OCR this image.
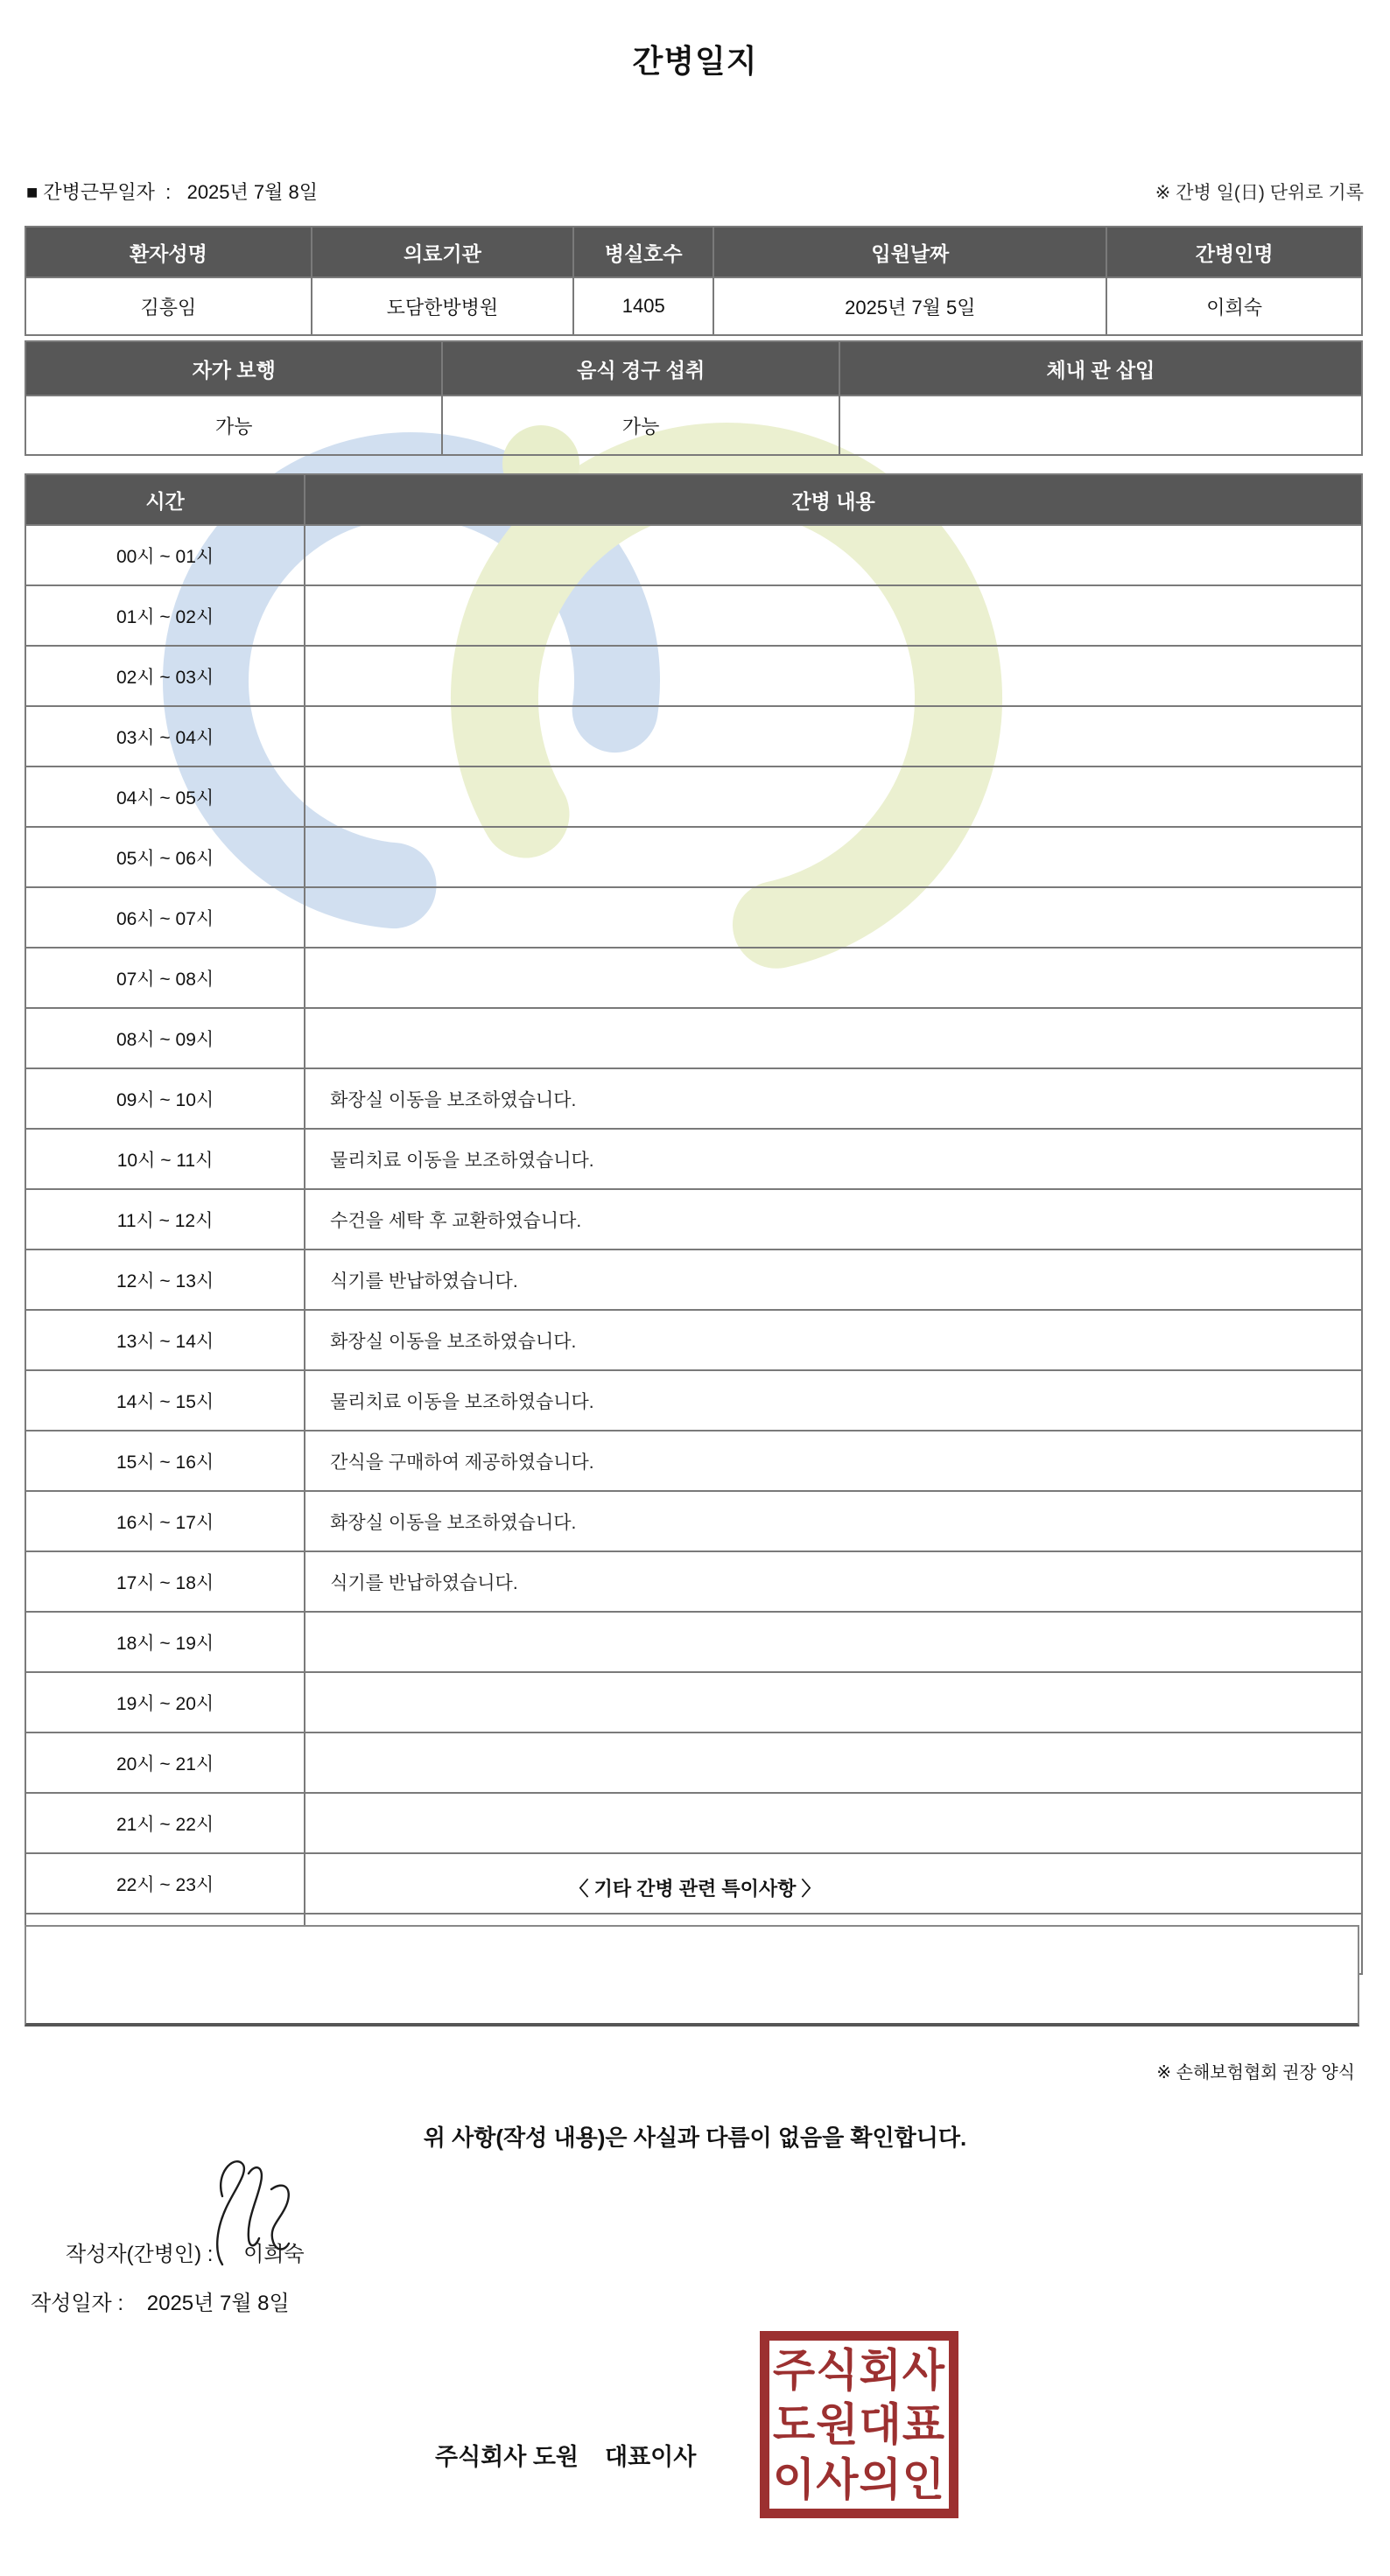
간병일지
■ 간병근무일자  :   2025년 7월 8일	※ 간병 일(日) 단위로 기록
환자성명	의료기관	병실호수	입원날짜	간병인명
김흥임	도담한방병원	1405	2025년 7월 5일	이희숙
자가 보행	음식 경구 섭취	체내 관 삽입
가능	가능	
시간	간병 내용
00시 ~ 01시	
01시 ~ 02시	
02시 ~ 03시	
03시 ~ 04시	
04시 ~ 05시	
05시 ~ 06시	
06시 ~ 07시	
07시 ~ 08시	
08시 ~ 09시	
09시 ~ 10시	화장실 이동을 보조하였습니다.
10시 ~ 11시	물리치료 이동을 보조하였습니다.
11시 ~ 12시	수건을 세탁 후 교환하였습니다.
12시 ~ 13시	식기를 반납하였습니다.
13시 ~ 14시	화장실 이동을 보조하였습니다.
14시 ~ 15시	물리치료 이동을 보조하였습니다.
15시 ~ 16시	간식을 구매하여 제공하였습니다.
16시 ~ 17시	화장실 이동을 보조하였습니다.
17시 ~ 18시	식기를 반납하였습니다.
18시 ~ 19시	
19시 ~ 20시	
20시 ~ 21시	
21시 ~ 22시	
22시 ~ 23시	
		〈 기타 간병 관련 특이사항 〉
※ 손해보험협회 권장 양식
위 사항(작성 내용)은 사실과 다름이 없음을 확인합니다.

작성자(간병인) : 이희숙

작성일자 :    2025년 7월 8일
주식회사 도원    대표이사
주식회사
도원대표
이사의인
